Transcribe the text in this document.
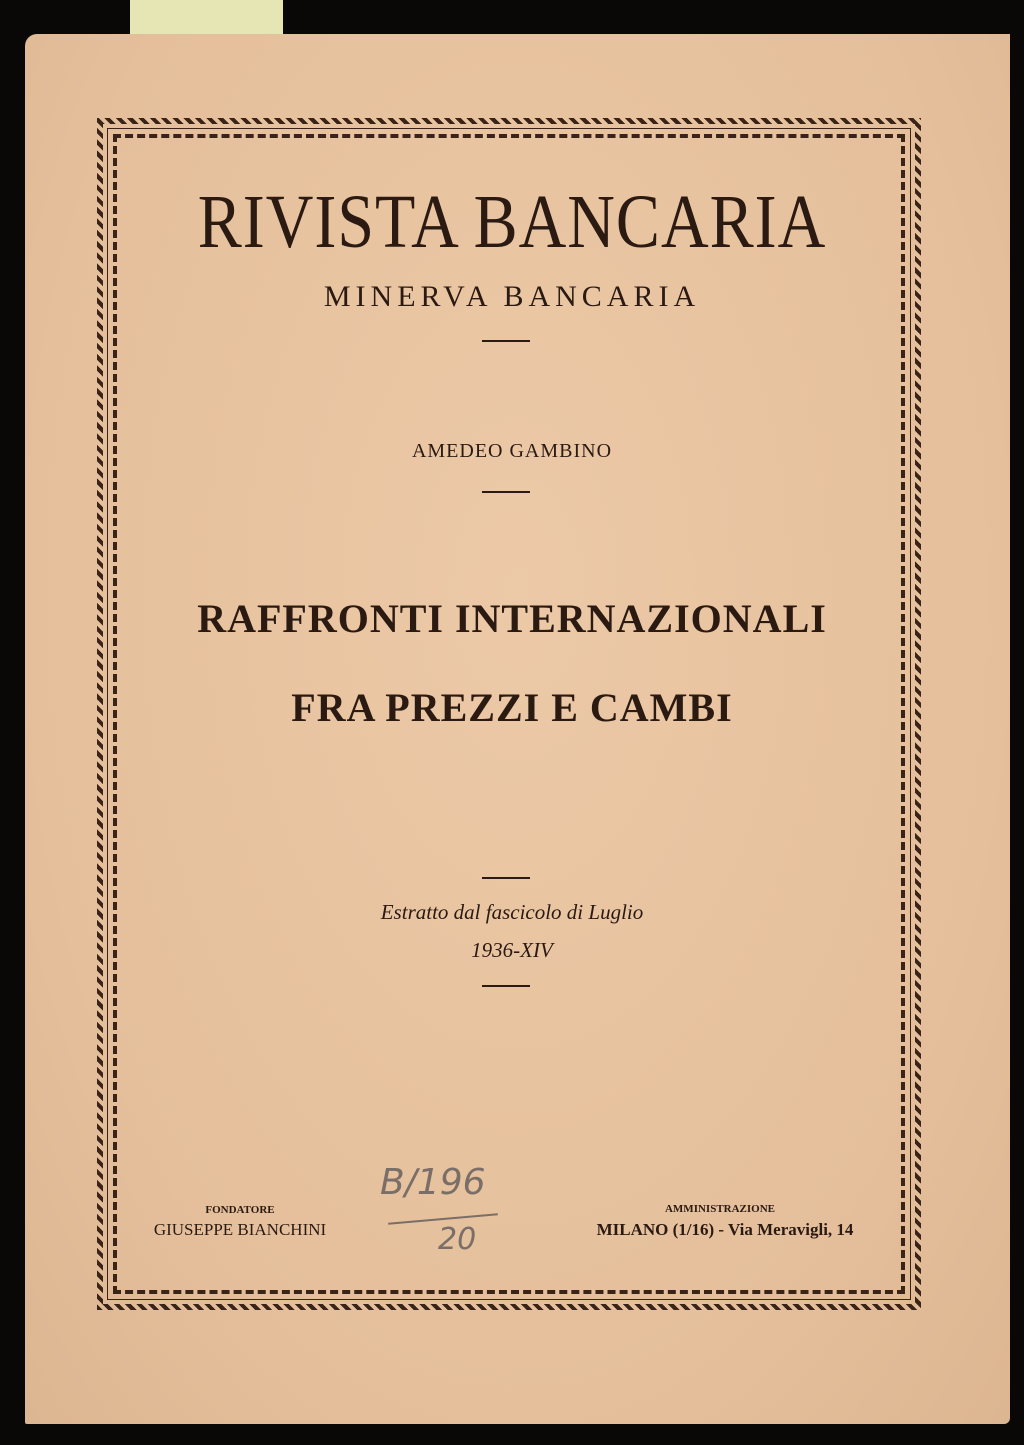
RIVISTA BANCARIA
MINERVA BANCARIA
AMEDEO GAMBINO
RAFFRONTI INTERNAZIONALI
FRA PREZZI E CAMBI
Estratto dal fascicolo di Luglio
1936-XIV
FONDATORE
GIUSEPPE BIANCHINI
AMMINISTRAZIONE
MILANO (1/16) - Via Meravigli, 14
B/196
20
